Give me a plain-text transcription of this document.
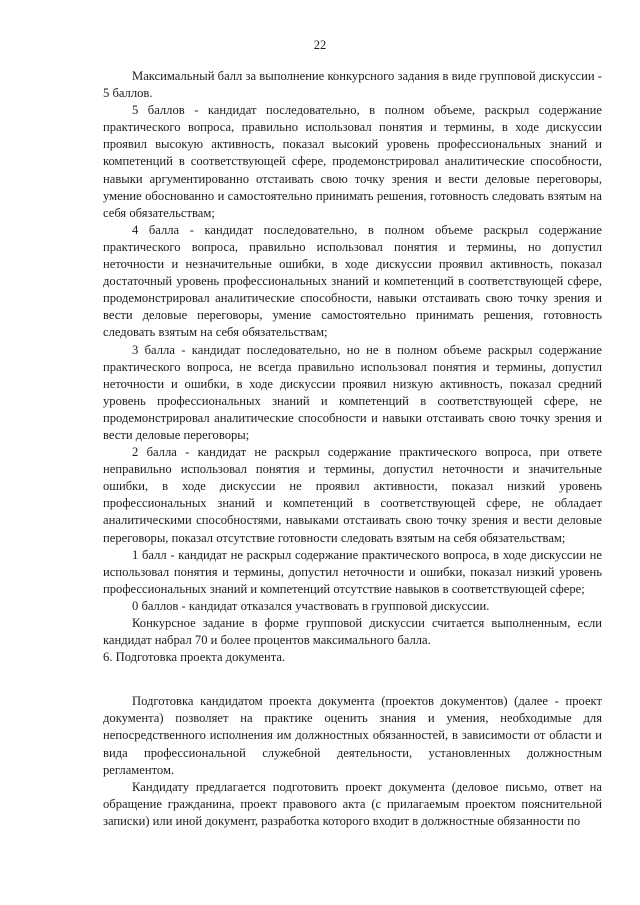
22

Максимальный балл за выполнение конкурсного задания в виде групповой дискуссии - 5 баллов.

5 баллов - кандидат последовательно, в полном объеме, раскрыл содержание практического вопроса, правильно использовал понятия и термины, в ходе дискуссии проявил высокую активность, показал высокий уровень профессиональных знаний и компетенций в соответствующей сфере, продемонстрировал аналитические способности, навыки аргументированно отстаивать свою точку зрения и вести деловые переговоры, умение обоснованно и самостоятельно принимать решения, готовность следовать взятым на себя обязательствам;

4 балла - кандидат последовательно, в полном объеме раскрыл содержание практического вопроса, правильно использовал понятия и термины, но допустил неточности и незначительные ошибки, в ходе дискуссии проявил активность, показал достаточный уровень профессиональных знаний и компетенций в соответствующей сфере, продемонстрировал аналитические способности, навыки отстаивать свою точку зрения и вести деловые переговоры, умение самостоятельно принимать решения, готовность следовать взятым на себя обязательствам;

3 балла - кандидат последовательно, но не в полном объеме раскрыл содержание практического вопроса, не всегда правильно использовал понятия и термины, допустил неточности и ошибки, в ходе дискуссии проявил низкую активность, показал средний уровень профессиональных знаний и компетенций в соответствующей сфере, не продемонстрировал аналитические способности и навыки отстаивать свою точку зрения и вести деловые переговоры;

2 балла - кандидат не раскрыл содержание практического вопроса, при ответе неправильно использовал понятия и термины, допустил неточности и значительные ошибки, в ходе дискуссии не проявил активности, показал низкий уровень профессиональных знаний и компетенций в соответствующей сфере, не обладает аналитическими способностями, навыками отстаивать свою точку зрения и вести деловые переговоры, показал отсутствие готовности следовать взятым на себя обязательствам;

1 балл - кандидат не раскрыл содержание практического вопроса, в ходе дискуссии не использовал понятия и термины, допустил неточности и ошибки, показал низкий уровень профессиональных знаний и компетенций отсутствие навыков в соответствующей сфере;

0 баллов - кандидат отказался участвовать в групповой дискуссии.

Конкурсное задание в форме групповой дискуссии считается выполненным, если кандидат набрал 70 и более процентов максимального балла.

6. Подготовка проекта документа.

Подготовка кандидатом проекта документа (проектов документов) (далее - проект документа) позволяет на практике оценить знания и умения, необходимые для непосредственного исполнения им должностных обязанностей, в зависимости от области и вида профессиональной служебной деятельности, установленных должностным регламентом.

Кандидату предлагается подготовить проект документа (деловое письмо, ответ на обращение гражданина, проект правового акта (с прилагаемым проектом пояснительной записки) или иной документ, разработка которого входит в должностные обязанности по
